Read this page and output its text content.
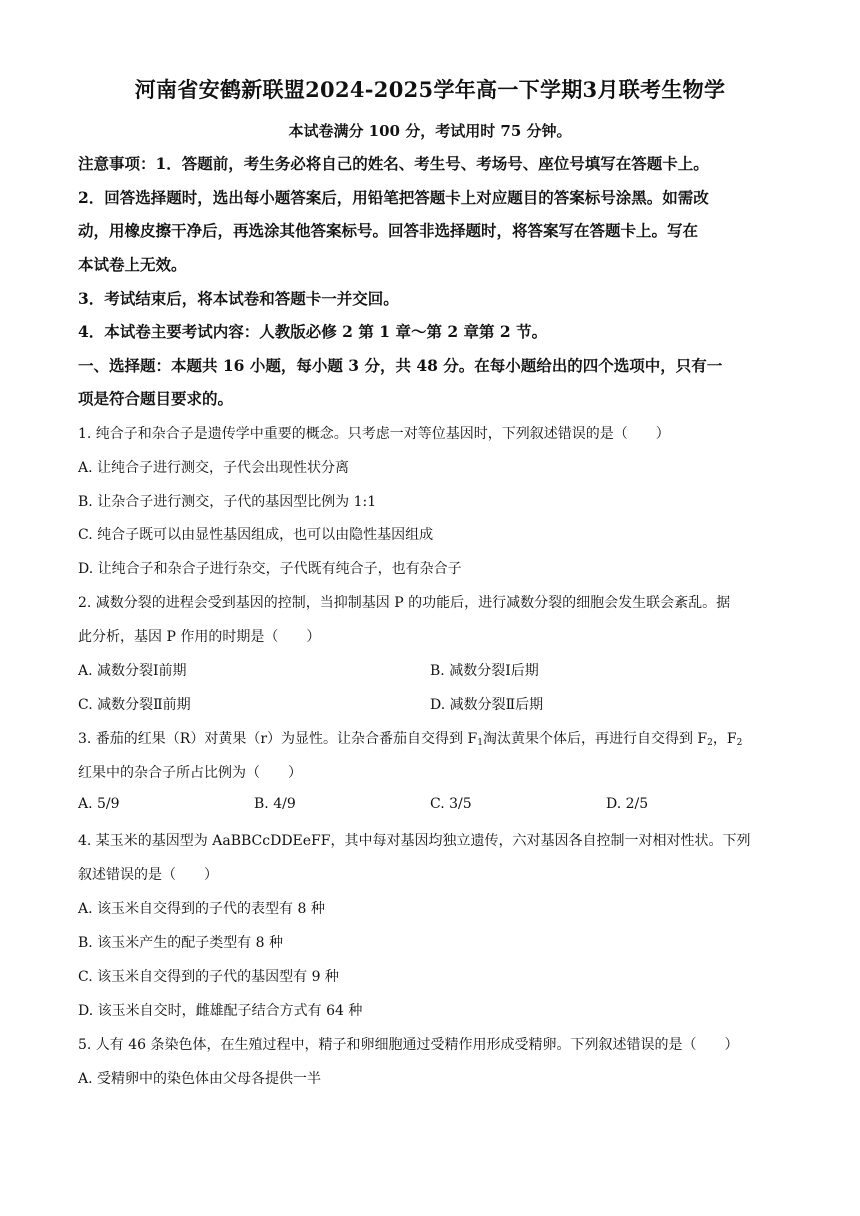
河南省安鹤新联盟2024-2025学年高一下学期3月联考生物学
本试卷满分 100 分，考试用时 75 分钟。
注意事项：1．答题前，考生务必将自己的姓名、考生号、考场号、座位号填写在答题卡上。
2．回答选择题时，选出每小题答案后，用铅笔把答题卡上对应题目的答案标号涂黑。如需改
动，用橡皮擦干净后，再选涂其他答案标号。回答非选择题时，将答案写在答题卡上。写在
本试卷上无效。
3．考试结束后，将本试卷和答题卡一并交回。
4．本试卷主要考试内容：人教版必修 2 第 1 章～第 2 章第 2 节。
一、选择题：本题共 16 小题，每小题 3 分，共 48 分。在每小题给出的四个选项中，只有一
项是符合题目要求的。
1. 纯合子和杂合子是遗传学中重要的概念。只考虑一对等位基因时，下列叙述错误的是（　　）
A. 让纯合子进行测交，子代会出现性状分离
B. 让杂合子进行测交，子代的基因型比例为 1:1
C. 纯合子既可以由显性基因组成，也可以由隐性基因组成
D. 让纯合子和杂合子进行杂交，子代既有纯合子，也有杂合子
2. 减数分裂的进程会受到基因的控制，当抑制基因 P 的功能后，进行减数分裂的细胞会发生联会紊乱。据
此分析，基因 P 作用的时期是（　　）
A. 减数分裂Ⅰ前期	B. 减数分裂Ⅰ后期
C. 减数分裂Ⅱ前期	D. 减数分裂Ⅱ后期
3. 番茄的红果（R）对黄果（r）为显性。让杂合番茄自交得到 $F_1$淘汰黄果个体后，再进行自交得到 $F_2$，$F_2$
红果中的杂合子所占比例为（　　）
A. 5/9	B. 4/9	C. 3/5	D. 2/5
4. 某玉米的基因型为 AaBBCcDDEeFF，其中每对基因均独立遗传，六对基因各自控制一对相对性状。下列
叙述错误的是（　　）
A. 该玉米自交得到的子代的表型有 8 种
B. 该玉米产生的配子类型有 8 种
C. 该玉米自交得到的子代的基因型有 9 种
D. 该玉米自交时，雌雄配子结合方式有 64 种
5. 人有 46 条染色体，在生殖过程中，精子和卵细胞通过受精作用形成受精卵。下列叙述错误的是（　　）
A. 受精卵中的染色体由父母各提供一半
